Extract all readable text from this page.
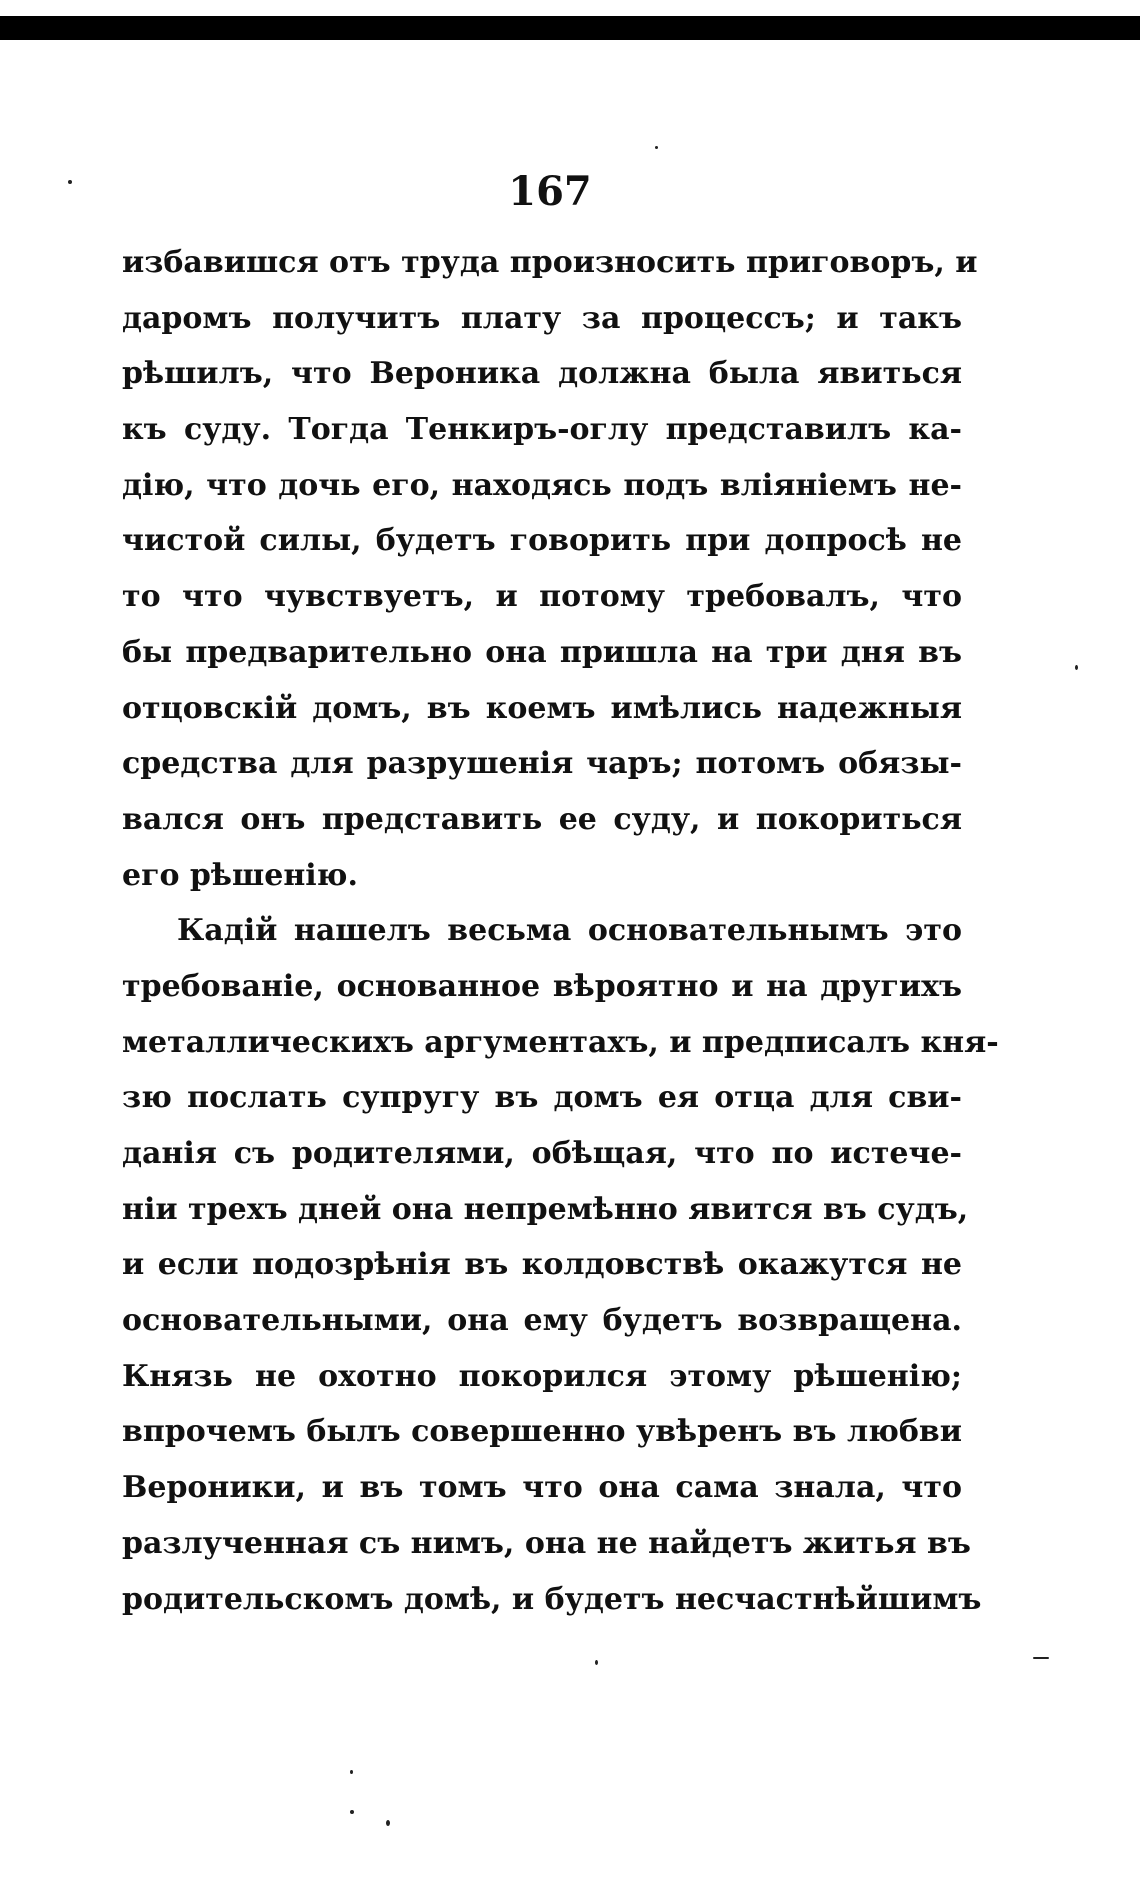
167
избавишся отъ труда произносить приговоръ, и
даромъ получитъ плату за процессъ; и такъ
рѣшилъ, что Вероника должна была явиться
къ суду. Тогда Тенкиръ-оглу представилъ ка-
дію, что дочь его, находясь подъ вліяніемъ не-
чистой силы, будетъ говорить при допросѣ не
то что чувствуетъ, и потому требовалъ, что
бы предварительно она пришла на три дня въ
отцовскій домъ, въ коемъ имѣлись надежныя
средства для разрушенія чаръ; потомъ обязы-
вался онъ представить ее суду, и покориться
его рѣшенію.
Кадій нашелъ весьма основательнымъ это
требованіе, основанное вѣроятно и на другихъ
металлическихъ аргументахъ, и предписалъ кня-
зю послать супругу въ домъ ея отца для сви-
данія съ родителями, обѣщая, что по истече-
ніи трехъ дней она непремѣнно явится въ судъ,
и если подозрѣнія въ колдовствѣ окажутся не
основательными, она ему будетъ возвращена.
Князь не охотно покорился этому рѣшенію;
впрочемъ былъ совершенно увѣренъ въ любви
Вероники, и въ томъ что она сама знала, что
разлученная съ нимъ, она не найдетъ житья въ
родительскомъ домѣ, и будетъ несчастнѣйшимъ
